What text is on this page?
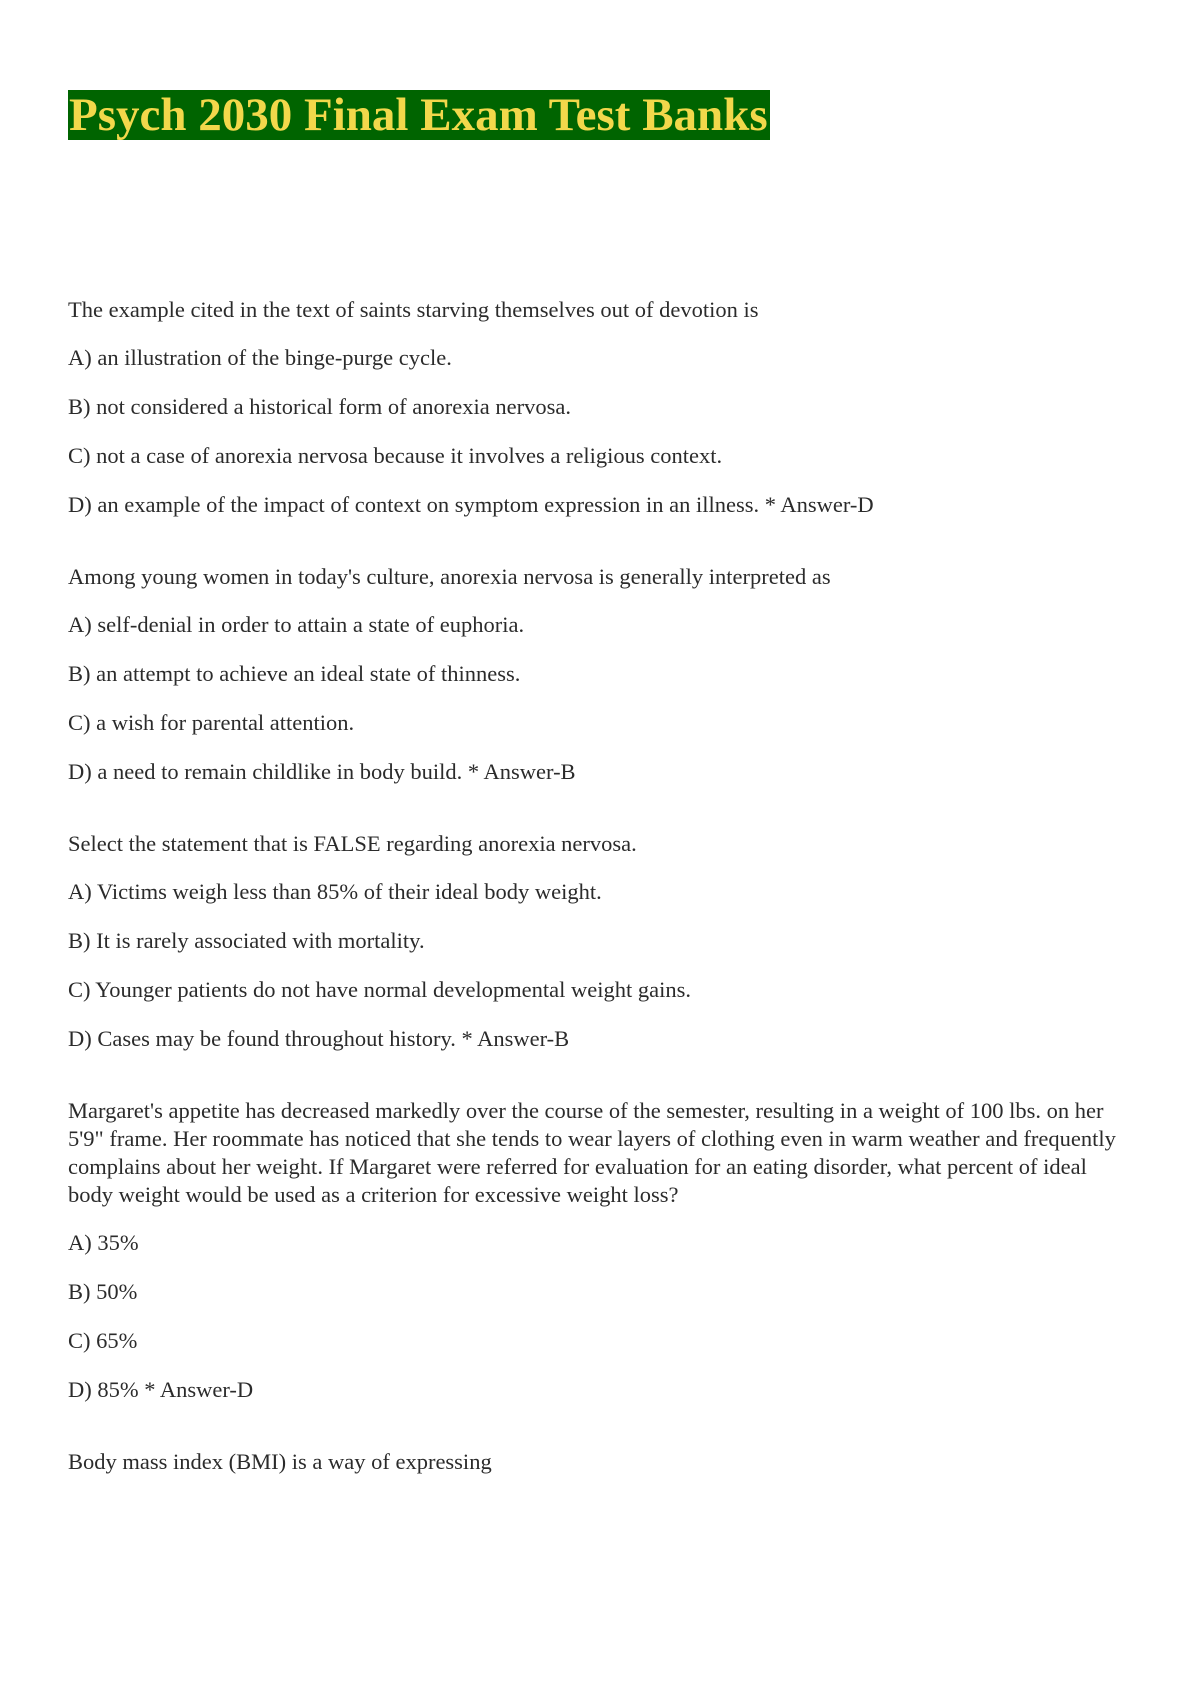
Psych 2030 Final Exam Test Banks
The example cited in the text of saints starving themselves out of devotion is
A) an illustration of the binge-purge cycle.
B) not considered a historical form of anorexia nervosa.
C) not a case of anorexia nervosa because it involves a religious context.
D) an example of the impact of context on symptom expression in an illness. * Answer-D
Among young women in today's culture, anorexia nervosa is generally interpreted as
A) self-denial in order to attain a state of euphoria.
B) an attempt to achieve an ideal state of thinness.
C) a wish for parental attention.
D) a need to remain childlike in body build. * Answer-B
Select the statement that is FALSE regarding anorexia nervosa.
A) Victims weigh less than 85% of their ideal body weight.
B) It is rarely associated with mortality.
C) Younger patients do not have normal developmental weight gains.
D) Cases may be found throughout history. * Answer-B
Margaret's appetite has decreased markedly over the course of the semester, resulting in a weight of 100 lbs. on her 5'9" frame. Her roommate has noticed that she tends to wear layers of clothing even in warm weather and frequently complains about her weight. If Margaret were referred for evaluation for an eating disorder, what percent of ideal body weight would be used as a criterion for excessive weight loss?
A) 35%
B) 50%
C) 65%
D) 85% * Answer-D
Body mass index (BMI) is a way of expressing
